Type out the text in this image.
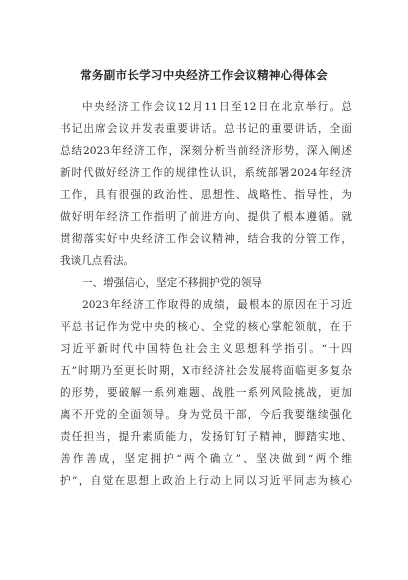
常务副市长学习中央经济工作会议精神心得体会
中央经济工作会议12月11日至12日在北京举行。总
书记出席会议并发表重要讲话。总书记的重要讲话，全面
总结2023年经济工作，深刻分析当前经济形势，深入阐述
新时代做好经济工作的规律性认识，系统部署2024年经济
工作，具有很强的政治性、思想性、战略性、指导性，为
做好明年经济工作指明了前进方向、提供了根本遵循。就
贯彻落实好中央经济工作会议精神，结合我的分管工作，
我谈几点看法。
一、增强信心，坚定不移拥护党的领导
2023年经济工作取得的成绩，最根本的原因在于习近
平总书记作为党中央的核心、全党的核心掌舵领航，在于
习近平新时代中国特色社会主义思想科学指引。“十四
五”时期乃至更长时期，X市经济社会发展将面临更多复杂
的形势，要破解一系列难题、战胜一系列风险挑战，更加
离不开党的全面领导。身为党员干部，今后我要继续强化
责任担当，提升素质能力，发扬钉钉子精神，脚踏实地、
善作善成，坚定拥护“两个确立”、坚决做到“两个维
护”，自觉在思想上政治上行动上同以习近平同志为核心
